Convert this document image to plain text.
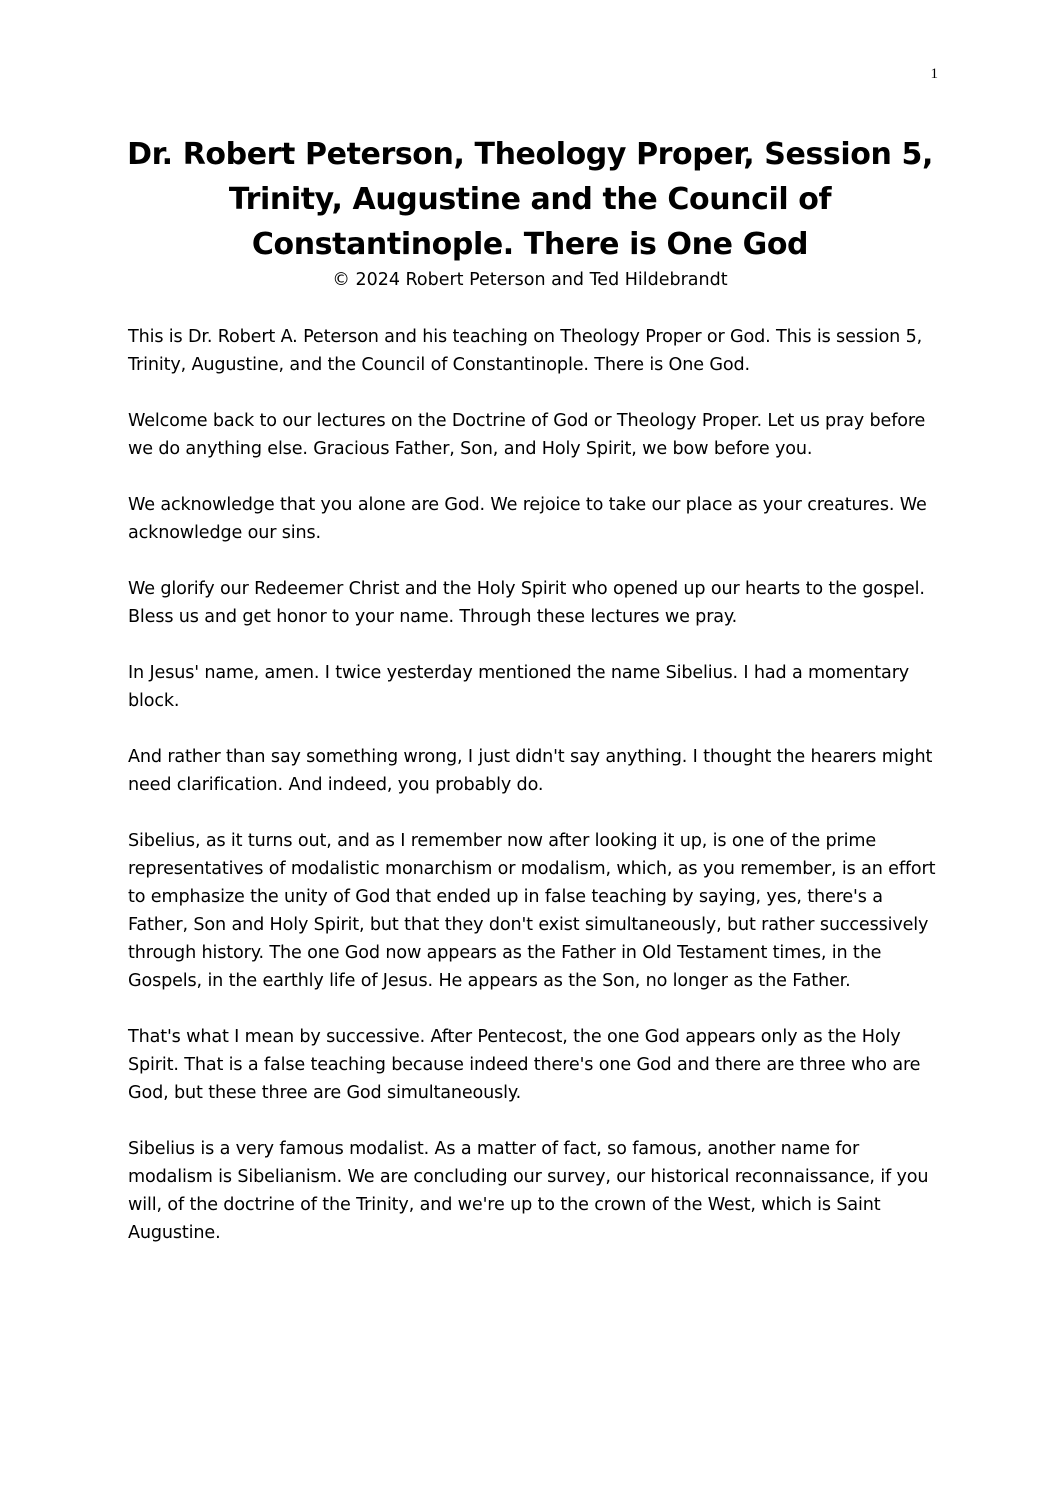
1
Dr. Robert Peterson, Theology Proper, Session 5,
Trinity, Augustine and the Council of
Constantinople. There is One God

© 2024 Robert Peterson and Ted Hildebrandt

This is Dr. Robert A. Peterson and his teaching on Theology Proper or God. This is session 5, Trinity, Augustine, and the Council of Constantinople. There is One God.

Welcome back to our lectures on the Doctrine of God or Theology Proper. Let us pray before we do anything else. Gracious Father, Son, and Holy Spirit, we bow before you.

We acknowledge that you alone are God. We rejoice to take our place as your creatures. We acknowledge our sins.

We glorify our Redeemer Christ and the Holy Spirit who opened up our hearts to the gospel. Bless us and get honor to your name. Through these lectures we pray.

In Jesus' name, amen. I twice yesterday mentioned the name Sibelius. I had a momentary block.

And rather than say something wrong, I just didn't say anything. I thought the hearers might need clarification. And indeed, you probably do.

Sibelius, as it turns out, and as I remember now after looking it up, is one of the prime representatives of modalistic monarchism or modalism, which, as you remember, is an effort to emphasize the unity of God that ended up in false teaching by saying, yes, there's a Father, Son and Holy Spirit, but that they don't exist simultaneously, but rather successively through history. The one God now appears as the Father in Old Testament times, in the Gospels, in the earthly life of Jesus. He appears as the Son, no longer as the Father.

That's what I mean by successive. After Pentecost, the one God appears only as the Holy Spirit. That is a false teaching because indeed there's one God and there are three who are God, but these three are God simultaneously.

Sibelius is a very famous modalist. As a matter of fact, so famous, another name for modalism is Sibelianism. We are concluding our survey, our historical reconnaissance, if you will, of the doctrine of the Trinity, and we're up to the crown of the West, which is Saint Augustine.
